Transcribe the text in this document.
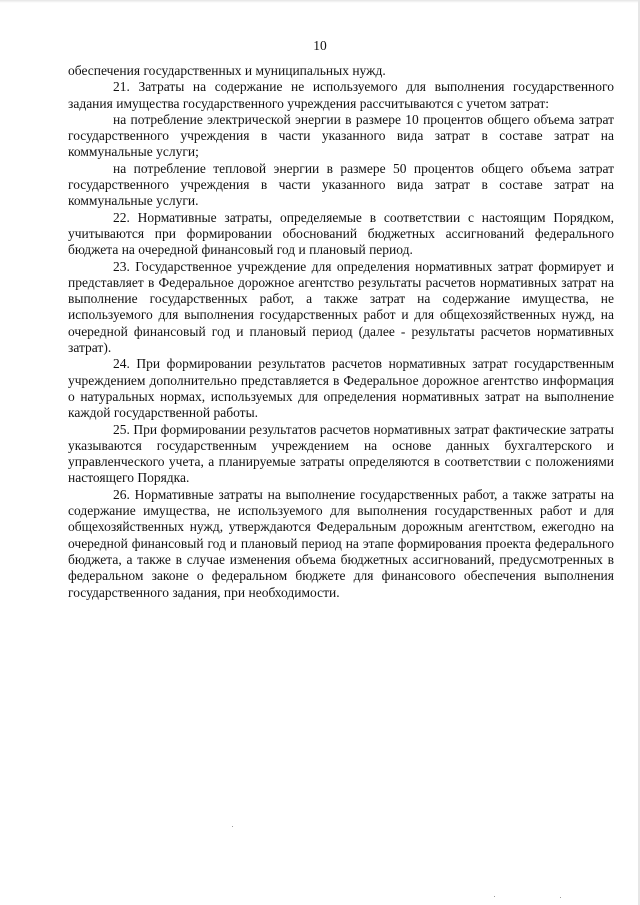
10

обеспечения государственных и муниципальных нужд.

21. Затраты на содержание не используемого для выполнения государственного задания имущества государственного учреждения рассчитываются с учетом затрат:

на потребление электрической энергии в размере 10 процентов общего объема затрат государственного учреждения в части указанного вида затрат в составе затрат на коммунальные услуги;

на потребление тепловой энергии в размере 50 процентов общего объема затрат государственного учреждения в части указанного вида затрат в составе затрат на коммунальные услуги.

22. Нормативные затраты, определяемые в соответствии с настоящим Порядком, учитываются при формировании обоснований бюджетных ассигнований федерального бюджета на очередной финансовый год и плановый период.

23. Государственное учреждение для определения нормативных затрат формирует и представляет в Федеральное дорожное агентство результаты расчетов нормативных затрат на выполнение государственных работ, а также затрат на содержание имущества, не используемого для выполнения государственных работ и для общехозяйственных нужд, на очередной финансовый год и плановый период (далее - результаты расчетов нормативных затрат).

24. При формировании результатов расчетов нормативных затрат государственным учреждением дополнительно представляется в Федеральное дорожное агентство информация о натуральных нормах, используемых для определения нормативных затрат на выполнение каждой государственной работы.

25. При формировании результатов расчетов нормативных затрат фактические затраты указываются государственным учреждением на основе данных бухгалтерского и управленческого учета, а планируемые затраты определяются в соответствии с положениями настоящего Порядка.

26. Нормативные затраты на выполнение государственных работ, а также затраты на содержание имущества, не используемого для выполнения государственных работ и для общехозяйственных нужд, утверждаются Федеральным дорожным агентством, ежегодно на очередной финансовый год и плановый период на этапе формирования проекта федерального бюджета, а также в случае изменения объема бюджетных ассигнований, предусмотренных в федеральном законе о федеральном бюджете для финансового обеспечения выполнения государственного задания, при необходимости.
